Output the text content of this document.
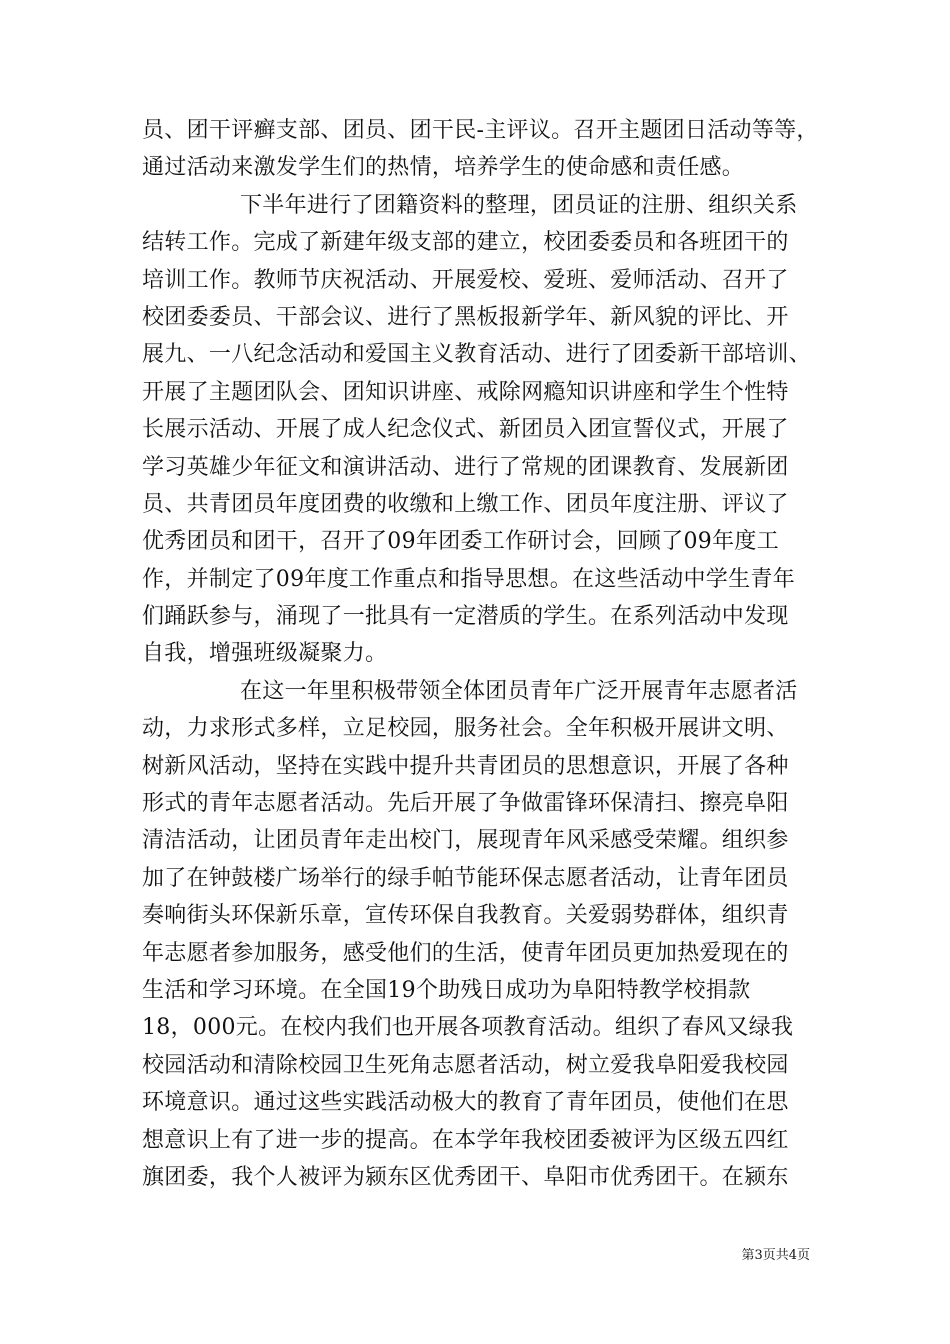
员、团干评癣支部、团员、团干民-主评议。召开主题团日活动等等，
通过活动来激发学生们的热情，培养学生的使命感和责任感。

下半年进行了团籍资料的整理，团员证的注册、组织关系
结转工作。完成了新建年级支部的建立，校团委委员和各班团干的
培训工作。教师节庆祝活动、开展爱校、爱班、爱师活动、召开了
校团委委员、干部会议、进行了黑板报新学年、新风貌的评比、开
展九、一八纪念活动和爱国主义教育活动、进行了团委新干部培训、
开展了主题团队会、团知识讲座、戒除网瘾知识讲座和学生个性特
长展示活动、开展了成人纪念仪式、新团员入团宣誓仪式，开展了
学习英雄少年征文和演讲活动、进行了常规的团课教育、发展新团
员、共青团员年度团费的收缴和上缴工作、团员年度注册、评议了
优秀团员和团干，召开了09年团委工作研讨会，回顾了09年度工
作，并制定了09年度工作重点和指导思想。在这些活动中学生青年
们踊跃参与，涌现了一批具有一定潜质的学生。在系列活动中发现
自我，增强班级凝聚力。

在这一年里积极带领全体团员青年广泛开展青年志愿者活
动，力求形式多样，立足校园，服务社会。全年积极开展讲文明、
树新风活动，坚持在实践中提升共青团员的思想意识，开展了各种
形式的青年志愿者活动。先后开展了争做雷锋环保清扫、擦亮阜阳
清洁活动，让团员青年走出校门，展现青年风采感受荣耀。组织参
加了在钟鼓楼广场举行的绿手帕节能环保志愿者活动，让青年团员
奏响街头环保新乐章，宣传环保自我教育。关爱弱势群体，组织青
年志愿者参加服务，感受他们的生活，使青年团员更加热爱现在的
生活和学习环境。在全国19个助残日成功为阜阳特教学校捐款
18，000元。在校内我们也开展各项教育活动。组织了春风又绿我
校园活动和清除校园卫生死角志愿者活动，树立爱我阜阳爱我校园
环境意识。通过这些实践活动极大的教育了青年团员，使他们在思
想意识上有了进一步的提高。在本学年我校团委被评为区级五四红
旗团委，我个人被评为颍东区优秀团干、阜阳市优秀团干。在颍东

第3页共4页
